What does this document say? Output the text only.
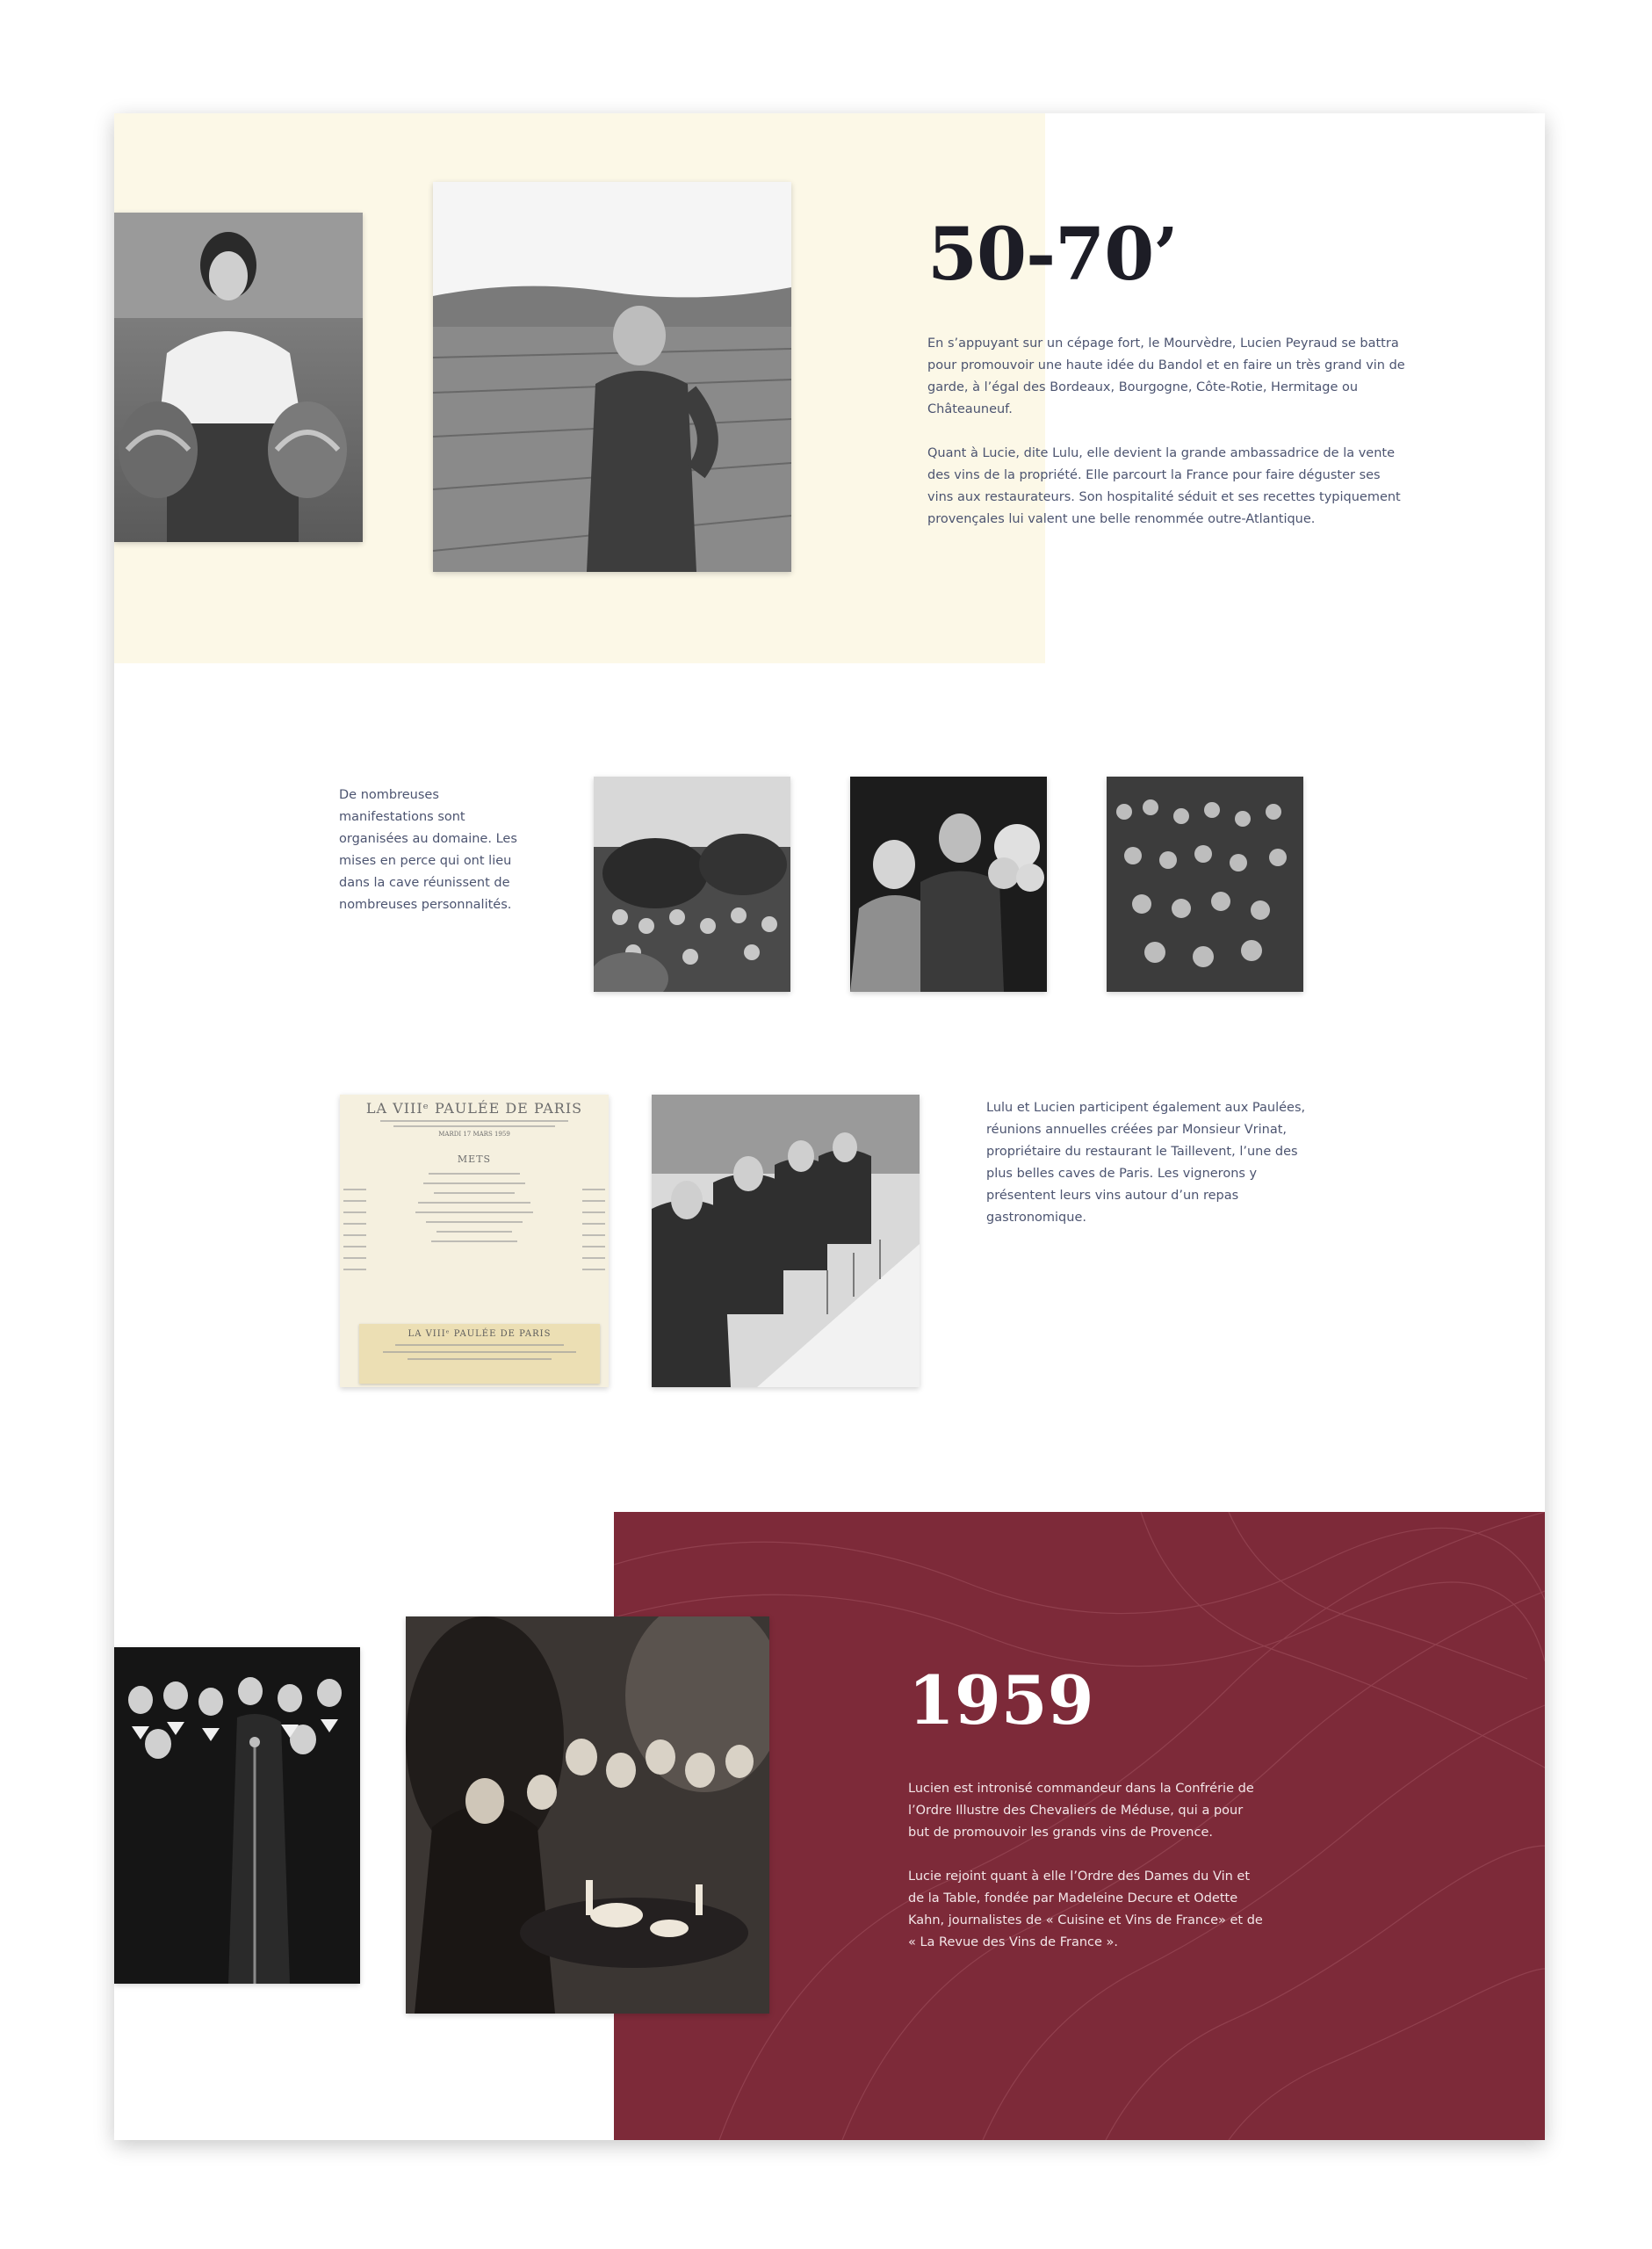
50-70’

En s’appuyant sur un cépage fort, le Mourvèdre, Lucien Peyraud se battra pour promouvoir une haute idée du Bandol et en faire un très grand vin de garde, à l’égal des Bordeaux, Bourgogne, Côte-Rotie, Hermitage ou Châteauneuf.

Quant à Lucie, dite Lulu, elle devient la grande ambassadrice de la vente des vins de la propriété. Elle parcourt la France pour faire déguster ses vins aux restaurateurs. Son hospitalité séduit et ses recettes typiquement provençales lui valent une belle renommée outre-Atlantique.

De nombreuses manifestations sont organisées au domaine. Les mises en perce qui ont lieu dans la cave réunissent de nombreuses personnalités.

LA VIIIᵉ PAULÉE DE PARIS
MARDI 17 MARS 1959
METS
LA VIIIᵉ PAULÉE DE PARIS

Lulu et Lucien participent également aux Paulées, réunions annuelles créées par Monsieur Vrinat, propriétaire du restaurant le Taillevent, l’une des plus belles caves de Paris. Les vignerons y présentent leurs vins autour d’un repas gastronomique.

1959

Lucien est intronisé commandeur dans la Confrérie de l’Ordre Illustre des Chevaliers de Méduse, qui a pour but de promouvoir les grands vins de Provence.

Lucie rejoint quant à elle l’Ordre des Dames du Vin et de la Table, fondée par Madeleine Decure et Odette Kahn, journalistes de « Cuisine et Vins de France» et de « La Revue des Vins de France ».
